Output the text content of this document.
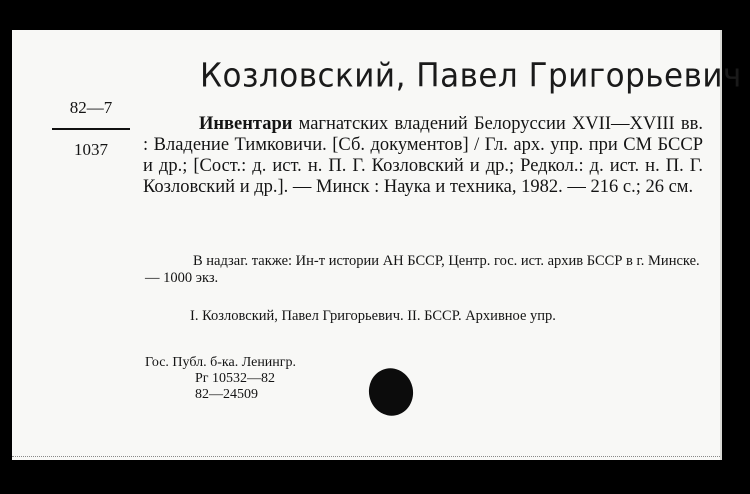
Козловский, Павел Григорьевич
82—7
1037
Инвентари магнатских владений Белоруссии XVII—XVIII вв. : Владение Тимковичи. [Сб. документов] / Гл. арх. упр. при СМ БССР и др.; [Сост.: д. ист. н. П. Г. Козловский и др.; Редкол.: д. ист. н. П. Г. Козловский и др.]. — Минск : Наука и техника, 1982. — 216 с.; 26 см.
В надзаг. также: Ин-т истории АН БССР, Центр. гос. ист. архив БССР в г. Минске. — 1000 экз.
I. Козловский, Павел Григорьевич. II. БССР. Архивное упр.
Гос. Публ. б-ка. Ленингр.
Рг 10532—82
82—24509
